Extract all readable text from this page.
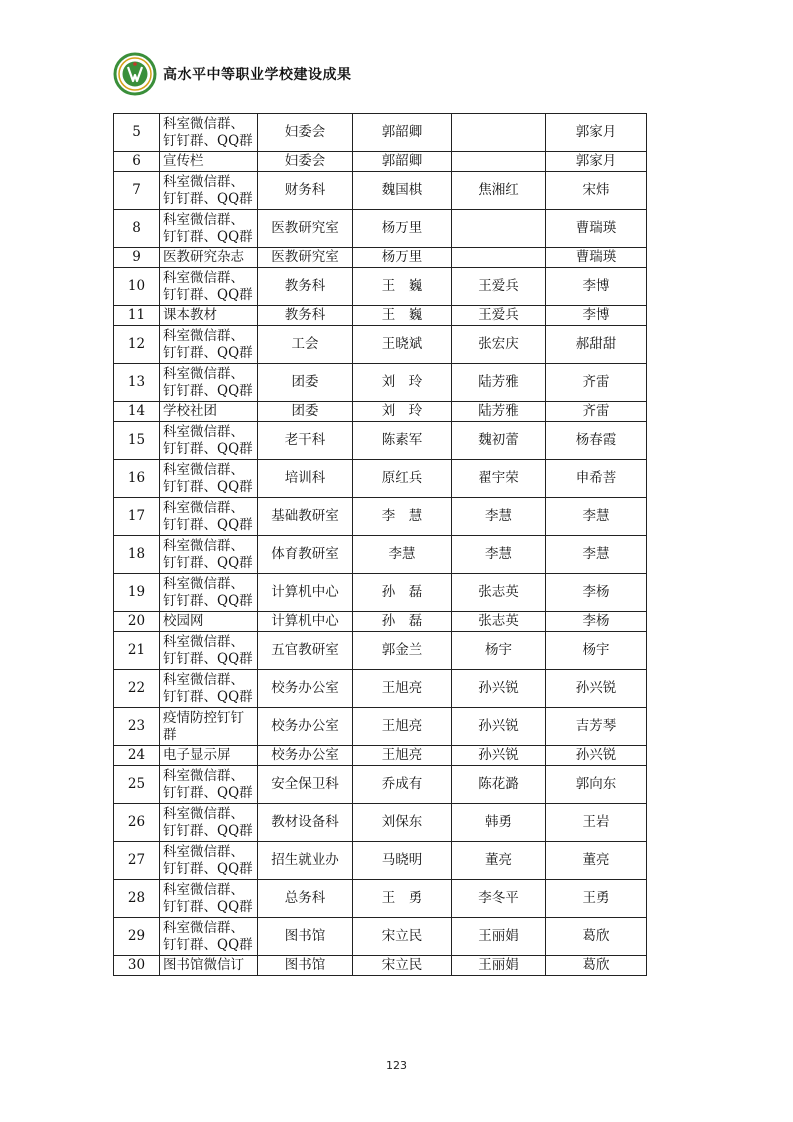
高水平中等职业学校建设成果
5	科室微信群、钉钉群、QQ群	妇委会	郭韶卿		郭家月
6	宣传栏	妇委会	郭韶卿		郭家月
7	科室微信群、钉钉群、QQ群	财务科	魏国棋	焦湘红	宋炜
8	科室微信群、钉钉群、QQ群	医教研究室	杨万里		曹瑞瑛
9	医教研究杂志	医教研究室	杨万里		曹瑞瑛
10	科室微信群、钉钉群、QQ群	教务科	王　巍	王爱兵	李博
11	课本教材	教务科	王　巍	王爱兵	李博
12	科室微信群、钉钉群、QQ群	工会	王晓斌	张宏庆	郝甜甜
13	科室微信群、钉钉群、QQ群	团委	刘　玲	陆芳雅	齐雷
14	学校社团	团委	刘　玲	陆芳雅	齐雷
15	科室微信群、钉钉群、QQ群	老干科	陈素军	魏初蕾	杨春霞
16	科室微信群、钉钉群、QQ群	培训科	原红兵	翟宇荣	申希菩
17	科室微信群、钉钉群、QQ群	基础教研室	李　慧	李慧	李慧
18	科室微信群、钉钉群、QQ群	体育教研室	李慧	李慧	李慧
19	科室微信群、钉钉群、QQ群	计算机中心	孙　磊	张志英	李杨
20	校园网	计算机中心	孙　磊	张志英	李杨
21	科室微信群、钉钉群、QQ群	五官教研室	郭金兰	杨宇	杨宇
22	科室微信群、钉钉群、QQ群	校务办公室	王旭亮	孙兴锐	孙兴锐
23	疫情防控钉钉群	校务办公室	王旭亮	孙兴锐	吉芳琴
24	电子显示屏	校务办公室	王旭亮	孙兴锐	孙兴锐
25	科室微信群、钉钉群、QQ群	安全保卫科	乔成有	陈花潞	郭向东
26	科室微信群、钉钉群、QQ群	教材设备科	刘保东	韩勇	王岩
27	科室微信群、钉钉群、QQ群	招生就业办	马晓明	董亮	董亮
28	科室微信群、钉钉群、QQ群	总务科	王　勇	李冬平	王勇
29	科室微信群、钉钉群、QQ群	图书馆	宋立民	王丽娟	葛欣
30	图书馆微信订	图书馆	宋立民	王丽娟	葛欣
123
